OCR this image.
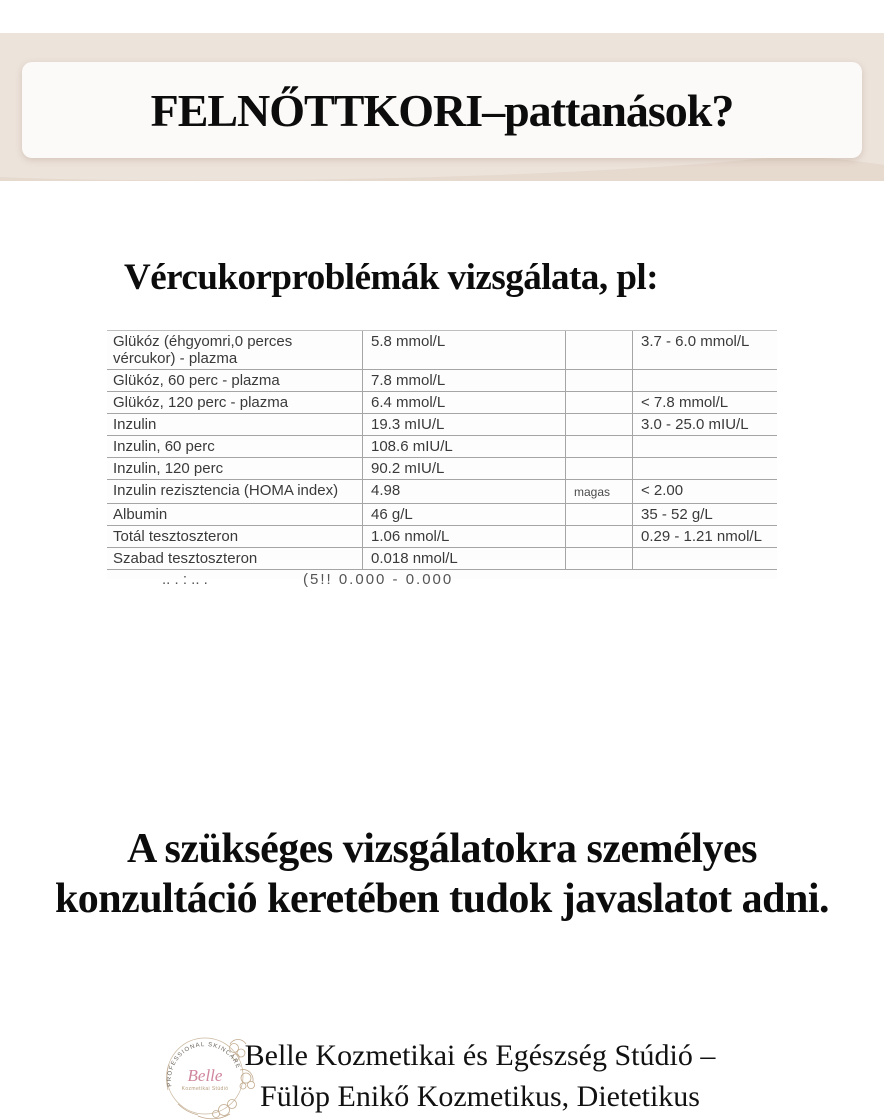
FELNŐTTKORI–pattanások?
Vércukorproblémák vizsgálata, pl:
Glükóz (éhgyomri,0 perces vércukor) - plazma
5.8 mmol/L	3.7 - 6.0 mmol/L
Glükóz, 60 perc - plazma	7.8 mmol/L
Glükóz, 120 perc - plazma	6.4 mmol/L	< 7.8 mmol/L
Inzulin	19.3 mIU/L	3.0 - 25.0 mIU/L
Inzulin, 60 perc	108.6 mIU/L
Inzulin, 120 perc	90.2 mIU/L
Inzulin rezisztencia (HOMA index)	4.98	magas	< 2.00
Albumin	46 g/L	35 - 52 g/L
Totál tesztoszteron	1.06 nmol/L	0.29 - 1.21 nmol/L
Szabad tesztoszteron	0.018 nmol/L
.. . : .. .	(5!! 0.000 - 0.000
A szükséges vizsgálatokra személyes
konzultáció keretében tudok javaslatot adni.
PROFESSIONAL SKINCARE
Belle
Kozmetikai Stúdió
Belle Kozmetikai és Egészség Stúdió –
Fülöp Enikő Kozmetikus, Dietetikus
